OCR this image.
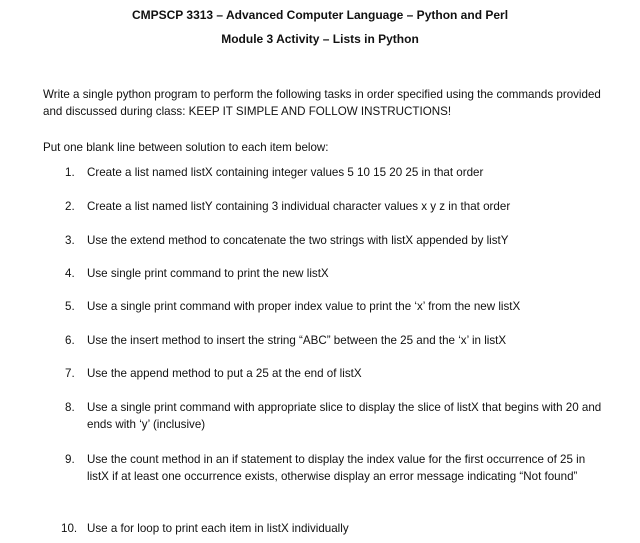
CMPSCP 3313 – Advanced Computer Language – Python and Perl
Module 3 Activity – Lists in Python
Write a single python program to perform the following tasks in order specified using the commands provided and discussed during class: KEEP IT SIMPLE AND FOLLOW INSTRUCTIONS!
Put one blank line between solution to each item below:
1.	Create a list named listX containing integer values 5 10 15 20 25 in that order
2.	Create a list named listY containing 3 individual character values x y z in that order
3.	Use the extend method to concatenate the two strings with listX appended by listY
4.	Use single print command to print the new listX
5.	Use a single print command with proper index value to print the ‘x’ from the new listX
6.	Use the insert method to insert the string “ABC” between the 25 and the ‘x’ in listX
7.	Use the append method to put a 25 at the end of listX
8.	Use a single print command with appropriate slice to display the slice of listX that begins with 20 and ends with ‘y’ (inclusive)
9.	Use the count method in an if statement to display the index value for the first occurrence of 25 in listX if at least one occurrence exists, otherwise display an error message indicating “Not found”
10. Use a for loop to print each item in listX individually
